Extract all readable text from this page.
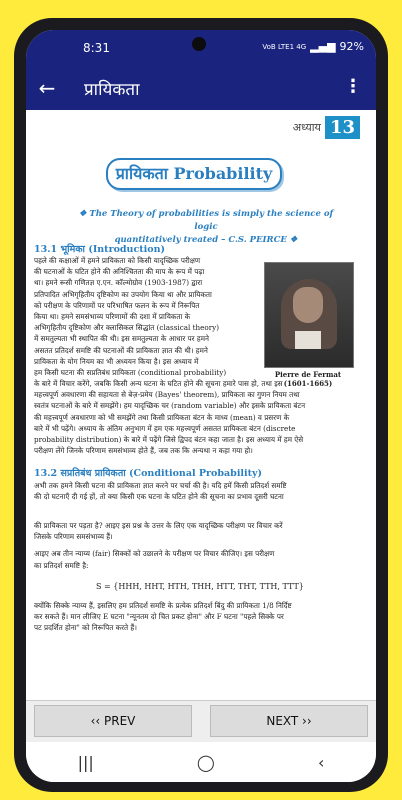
8:31	VoB LTE1 4G ▂▄▆ 92%
←	प्रायिकता	⋮
अध्याय 13
प्रायिकता Probability
❖ The Theory of probabilities is simply the science of logic
quantitatively treated – C.S. PEIRCE ❖
13.1 भूमिका (Introduction)
पहले की कक्षाओं में हमने प्रायिकता को किसी यादृच्छिक परीक्षण
की घटनाओं के घटित होने की अनिश्चितता की माप के रूप में पढ़ा
था। हमने रूसी गणितज्ञ ए.एन. कॉल्मोग्रोव (1903-1987) द्वारा
प्रतिपादित अभिगृहितीय दृष्टिकोण का उपयोग किया था और प्रायिकता
को परीक्षण के परिणामों पर परिभाषित फलन के रूप में निरूपित
किया था। हमने समसंभाव्य परिणामों की दशा में प्रायिकता के
अभिगृहितीय दृष्टिकोण और क्लासिकल सिद्धांत (classical theory)
में समतुल्यता भी स्थापित की थी। इस समतुल्यता के आधार पर हमने
असतत प्रतिदर्श समष्टि की घटनाओं की प्रायिकता ज्ञात की थी। हमने
प्रायिकता के योग नियम का भी अध्ययन किया है। इस अध्याय में
हम किसी घटना की सप्रतिबंध प्रायिकता (conditional probability)	Pierre de Fermat
(1601-1665)
के बारे में विचार करेंगे, जबकि किसी अन्य घटना के घटित होने की सूचना हमारे पास हो, तथा इस
महत्त्वपूर्ण अवधारणा की सहायता से बेज़-प्रमेय (Bayes' theorem), प्रायिकता का गुणन नियम तथा
स्वतंत्र घटनाओं के बारे में समझेंगे। हम यादृच्छिक चर (random variable) और इसके प्रायिकता बंटन
की महत्त्वपूर्ण अवधारणा को भी समझेंगे तथा किसी प्रायिकता बंटन के माध्य (mean) व प्रसरण के
बारे में भी पढ़ेंगे। अध्याय के अंतिम अनुभाग में हम एक महत्त्वपूर्ण असतत प्रायिकता बंटन (discrete
probability distribution) के बारे में पढ़ेंगे जिसे द्विपद बंटन कहा जाता है। इस अध्याय में हम ऐसे
परीक्षण लेंगे जिनके परिणाम समसंभाव्य होते हैं, जब तक कि अन्यथा न कहा गया हो।
13.2 सप्रतिबंध प्रायिकता (Conditional Probability)
अभी तक हमने किसी घटना की प्रायिकता ज्ञात करने पर चर्चा की है। यदि हमें किसी प्रतिदर्श समष्टि
की दो घटनाएँ दी गई हों, तो क्या किसी एक घटना के घटित होने की सूचना का प्रभाव दूसरी घटना
की प्रायिकता पर पड़ता है? आइए इस प्रश्न के उत्तर के लिए एक यादृच्छिक परीक्षण पर विचार करें
जिसके परिणाम समसंभाव्य हैं।
आइए अब तीन न्याय्य (fair) सिक्कों को उछालने के परीक्षण पर विचार कीजिए। इस परीक्षण
का प्रतिदर्श समष्टि है:
S = {HHH, HHT, HTH, THH, HTT, THT, TTH, TTT}
क्योंकि सिक्के न्याय्य हैं, इसलिए हम प्रतिदर्श समष्टि के प्रत्येक प्रतिदर्श बिंदु की प्रायिकता 1/8 निर्दिष्ट
कर सकते हैं। मान लीजिए E घटना "न्यूनतम दो चित प्रकट होना" और F घटना "पहले सिक्के पर
पट प्रदर्शित होना" को निरूपित करते हैं।
‹‹ PREV	NEXT ››
|||	◯	‹
